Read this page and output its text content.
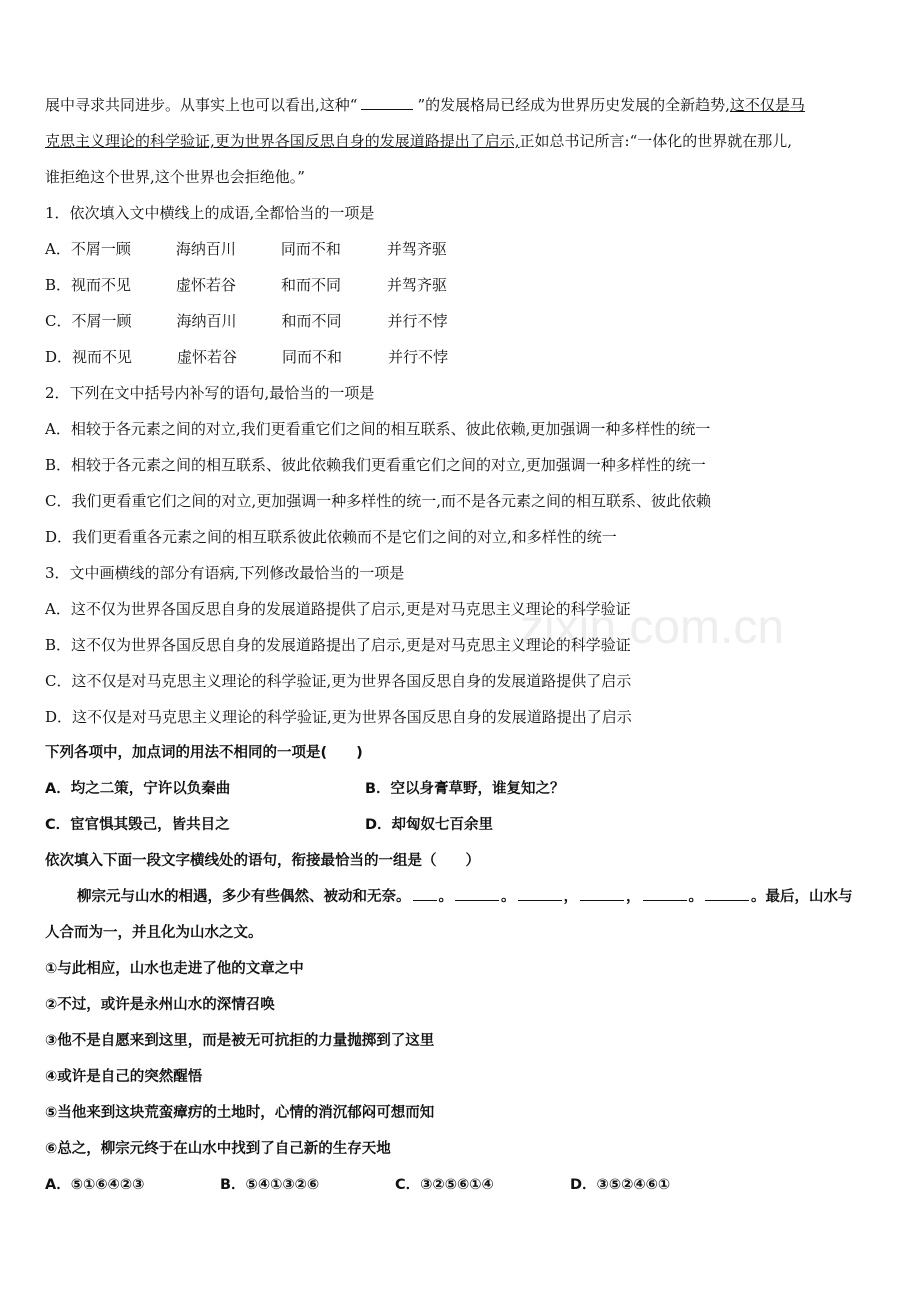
zixin.com.cn
展中寻求共同进步。从事实上也可以看出,这种“	”的发展格局已经成为世界历史发展的全新趋势,这不仅是马
克思主义理论的科学验证,更为世界各国反思自身的发展道路提出了启示,正如总书记所言:“一体化的世界就在那儿,
谁拒绝这个世界,这个世界也会拒绝他。”
1．依次填入文中横线上的成语,全都恰当的一项是
A．不屑一顾	海纳百川	同而不和	并驾齐驱
B．视而不见	虚怀若谷	和而不同	并驾齐驱
C．不屑一顾	海纳百川	和而不同	并行不悖
D．视而不见	虚怀若谷	同而不和	并行不悖
2．下列在文中括号内补写的语句,最恰当的一项是
A．相较于各元素之间的对立,我们更看重它们之间的相互联系、彼此依赖,更加强调一种多样性的统一
B．相较于各元素之间的相互联系、彼此依赖我们更看重它们之间的对立,更加强调一种多样性的统一
C．我们更看重它们之间的对立,更加强调一种多样性的统一,而不是各元素之间的相互联系、彼此依赖
D．我们更看重各元素之间的相互联系彼此依赖而不是它们之间的对立,和多样性的统一
3．文中画横线的部分有语病,下列修改最恰当的一项是
A．这不仅为世界各国反思自身的发展道路提供了启示,更是对马克思主义理论的科学验证
B．这不仅为世界各国反思自身的发展道路提出了启示,更是对马克思主义理论的科学验证
C．这不仅是对马克思主义理论的科学验证,更为世界各国反思自身的发展道路提供了启示
D．这不仅是对马克思主义理论的科学验证,更为世界各国反思自身的发展道路提出了启示
下列各项中，加点词的用法不相同的一项是(　　)
A．均之二策，宁许以负秦曲	B．空以身膏草野，谁复知之？
C．宦官惧其毁己，皆共目之	D．却匈奴七百余里
依次填入下面一段文字横线处的语句，衔接最恰当的一组是（　　）
柳宗元与山水的相遇，多少有些偶然、被动和无奈。 。	。	，	，	。	。最后，山水与
人合而为一，并且化为山水之文。
①与此相应，山水也走进了他的文章之中
②不过，或许是永州山水的深情召唤
③他不是自愿来到这里，而是被无可抗拒的力量抛掷到了这里
④或许是自己的突然醒悟
⑤当他来到这块荒蛮瘴疠的土地时，心情的消沉郁闷可想而知
⑥总之，柳宗元终于在山水中找到了自己新的生存天地
A．⑤①⑥④②③	B．⑤④①③②⑥	C．③②⑤⑥①④	D．③⑤②④⑥①
